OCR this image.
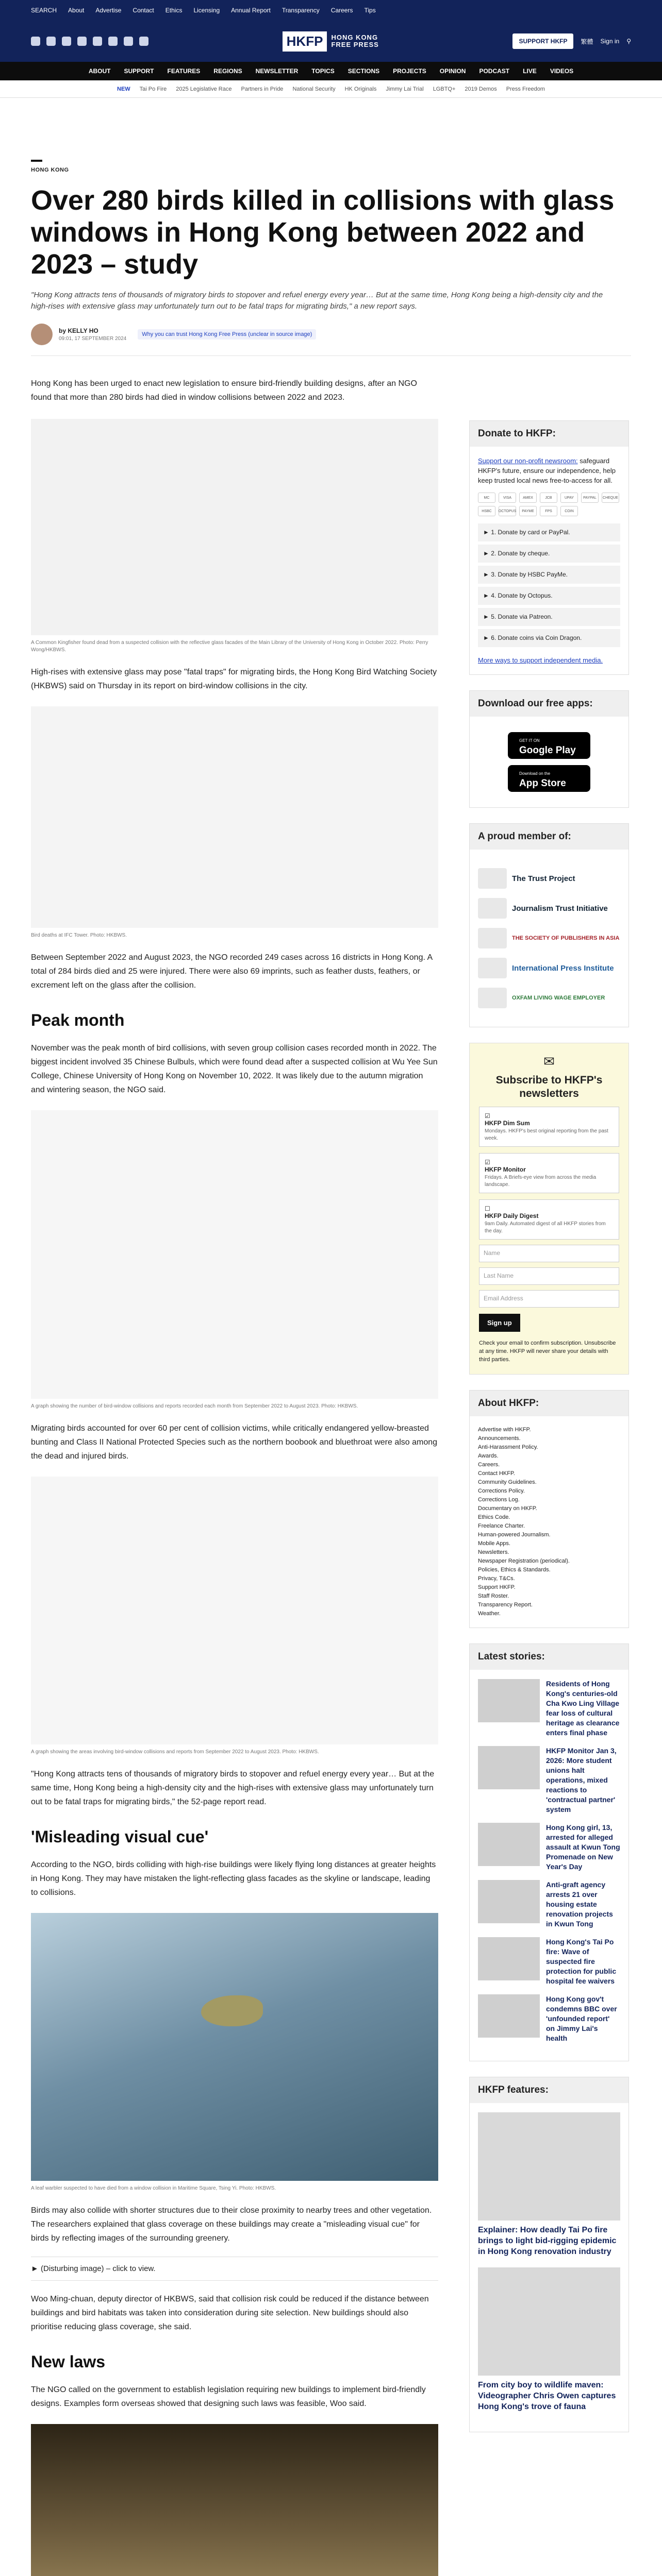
SEARCH About Advertise Contact Ethics Licensing Annual Report Transparency Careers Tips
HKFP	HONG KONG
FREE PRESS	SUPPORT HKFP	繁體 Sign in ⚲
ABOUT SUPPORT FEATURES REGIONS NEWSLETTER TOPICS SECTIONS PROJECTS OPINION PODCAST LIVE VIDEOS
NEW Tai Po Fire 2025 Legislative Race Partners in Pride National Security HK Originals Jimmy Lai Trial LGBTQ+ 2019 Demos Press Freedom
HONG KONG
Over 280 birds killed in collisions with glass windows in Hong Kong between 2022 and 2023 – study
"Hong Kong attracts tens of thousands of migratory birds to stopover and refuel energy every year… But at the same time, Hong Kong being a high-density city and the high-rises with extensive glass may unfortunately turn out to be fatal traps for migrating birds," a new report says.
by KELLY HO
09:01, 17 SEPTEMBER 2024
Why you can trust Hong Kong Free Press (unclear in source image)

Hong Kong has been urged to enact new legislation to ensure bird-friendly building designs, after an NGO found that more than 280 birds had died in window collisions between 2022 and 2023.

A Common Kingfisher found dead from a suspected collision with the reflective glass facades of the Main Library of the University of Hong Kong in October 2022. Photo: Perry Wong/HKBWS.

High-rises with extensive glass may pose "fatal traps" for migrating birds, the Hong Kong Bird Watching Society (HKBWS) said on Thursday in its report on bird-window collisions in the city.

Bird deaths at IFC Tower. Photo: HKBWS.

Between September 2022 and August 2023, the NGO recorded 249 cases across 16 districts in Hong Kong. A total of 284 birds died and 25 were injured. There were also 69 imprints, such as feather dusts, feathers, or excrement left on the glass after the collision.

Peak month

November was the peak month of bird collisions, with seven group collision cases recorded month in 2022. The biggest incident involved 35 Chinese Bulbuls, which were found dead after a suspected collision at Wu Yee Sun College, Chinese University of Hong Kong on November 10, 2022. It was likely due to the autumn migration and wintering season, the NGO said.

A graph showing the number of bird-window collisions and reports recorded each month from September 2022 to August 2023. Photo: HKBWS.

Migrating birds accounted for over 60 per cent of collision victims, while critically endangered yellow-breasted bunting and Class II National Protected Species such as the northern boobook and bluethroat were also among the dead and injured birds.

A graph showing the areas involving bird-window collisions and reports from September 2022 to August 2023. Photo: HKBWS.

"Hong Kong attracts tens of thousands of migratory birds to stopover and refuel energy every year… But at the same time, Hong Kong being a high-density city and the high-rises with extensive glass may unfortunately turn out to be fatal traps for migrating birds," the 52-page report read.

'Misleading visual cue'

According to the NGO, birds colliding with high-rise buildings were likely flying long distances at greater heights in Hong Kong. They may have mistaken the light-reflecting glass facades as the skyline or landscape, leading to collisions.

A leaf warbler suspected to have died from a window collision in Maritime Square, Tsing Yi. Photo: HKBWS.

Birds may also collide with shorter structures due to their close proximity to nearby trees and other vegetation. The researchers explained that glass coverage on these buildings may create a "misleading visual cue" for birds by reflecting images of the surrounding greenery.

► (Disturbing image) – click to view.

Woo Ming-chuan, deputy director of HKBWS, said that collision risk could be reduced if the distance between buildings and bird habitats was taken into consideration during site selection. New buildings should also prioritise reducing glass coverage, she said.

New laws

The NGO called on the government to establish legislation requiring new buildings to implement bird-friendly designs. Examples form overseas showed that designing such laws was feasible, Woo said.

Donate to HKFP:
Support our non-profit newsroom: safeguard HKFP's future, ensure our independence, help keep trusted local news free-to-access for all.
MC	VISA	AMEX	JCB	UPAY	PAYPAL	CHEQUE
HSBC	OCTOPUS	PAYME	FPS	COIN
► 1. Donate by card or PayPal.
► 2. Donate by cheque.
► 3. Donate by HSBC PayMe.
► 4. Donate by Octopus.
► 5. Donate via Patreon.
► 6. Donate coins via Coin Dragon.
More ways to support independent media.
Download our free apps:
GET IT ON
Google Play
Download on the
App Store
A proud member of:
The Trust Project
Journalism Trust Initiative
THE SOCIETY OF PUBLISHERS IN ASIA
International Press Institute
OXFAM LIVING WAGE EMPLOYER
✉
Subscribe to HKFP's newsletters
☑
HKFP Dim Sum
Mondays. HKFP's best original reporting from the past week.
☑
HKFP Monitor
Fridays. A Briefs-eye view from across the media landscape.
☐
HKFP Daily Digest
9am Daily. Automated digest of all HKFP stories from the day.
Name
Last Name
Email Address
Sign up
Check your email to confirm subscription. Unsubscribe at any time. HKFP will never share your details with third parties.
About HKFP:
Advertise with HKFP.
Announcements.
Anti-Harassment Policy.
Awards.
Careers.
Contact HKFP.
Community Guidelines.
Corrections Policy.
Corrections Log.
Documentary on HKFP.
Ethics Code.
Freelance Charter.
Human-powered Journalism.
Mobile Apps.
Newsletters.
Newspaper Registration (periodical).
Policies, Ethics & Standards.
Privacy, T&Cs.
Support HKFP.
Staff Roster.
Transparency Report.
Weather.
Latest stories:
Residents of Hong Kong's centuries-old Cha Kwo Ling Village fear loss of cultural heritage as clearance enters final phase
HKFP Monitor Jan 3, 2026: More student unions halt operations, mixed reactions to 'contractual partner' system
Hong Kong girl, 13, arrested for alleged assault at Kwun Tong Promenade on New Year's Day
Anti-graft agency arrests 21 over housing estate renovation projects in Kwun Tong
Hong Kong's Tai Po fire: Wave of suspected fire protection for public hospital fee waivers
Hong Kong gov't condemns BBC over 'unfounded report' on Jimmy Lai's health
HKFP features:
Explainer: How deadly Tai Po fire brings to light bid-rigging epidemic in Hong Kong renovation industry
From city boy to wildlife maven: Videographer Chris Owen captures Hong Kong's trove of fauna
